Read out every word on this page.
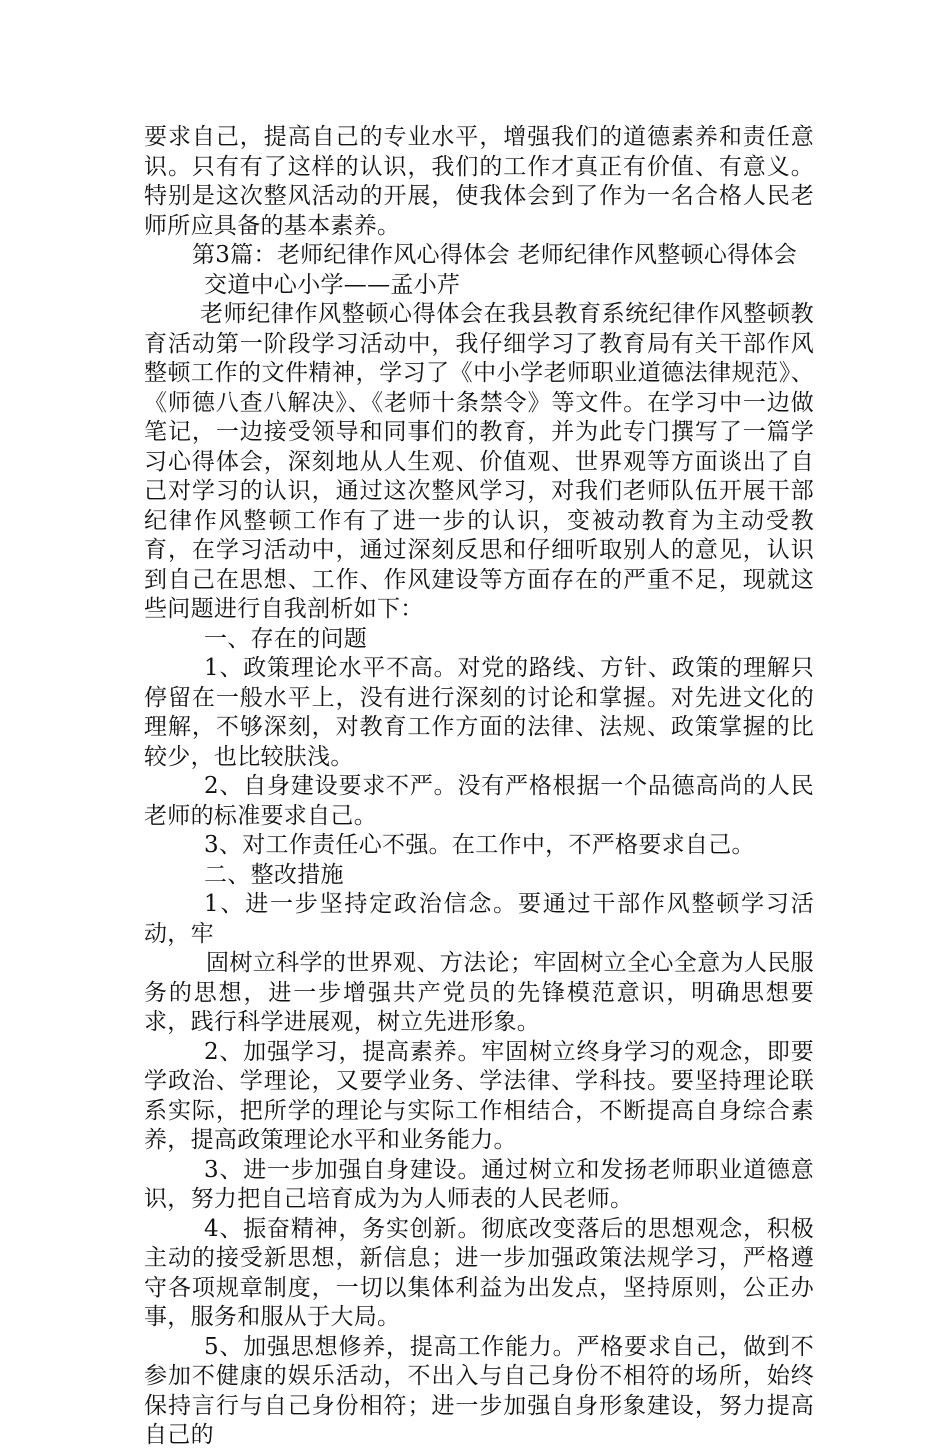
要求自己，提高自己的专业水平，增强我们的道德素养和责任意识。只有有了这样的认识，我们的工作才真正有价值、有意义。特别是这次整风活动的开展，使我体会到了作为一名合格人民老师所应具备的基本素养。

第3篇：老师纪律作风心得体会 老师纪律作风整顿心得体会

交道中心小学——孟小芹

老师纪律作风整顿心得体会在我县教育系统纪律作风整顿教育活动第一阶段学习活动中，我仔细学习了教育局有关干部作风整顿工作的文件精神，学习了《中小学老师职业道德法律规范》、《师德八查八解决》、《老师十条禁令》等文件。在学习中一边做笔记，一边接受领导和同事们的教育，并为此专门撰写了一篇学习心得体会，深刻地从人生观、价值观、世界观等方面谈出了自己对学习的认识，通过这次整风学习，对我们老师队伍开展干部纪律作风整顿工作有了进一步的认识，变被动教育为主动受教育，在学习活动中，通过深刻反思和仔细听取别人的意见，认识到自己在思想、工作、作风建设等方面存在的严重不足，现就这些问题进行自我剖析如下：

一、存在的问题

1、政策理论水平不高。对党的路线、方针、政策的理解只停留在一般水平上，没有进行深刻的讨论和掌握。对先进文化的理解，不够深刻，对教育工作方面的法律、法规、政策掌握的比较少，也比较肤浅。

2、自身建设要求不严。没有严格根据一个品德高尚的人民老师的标准要求自己。

3、对工作责任心不强。在工作中，不严格要求自己。

二、整改措施

1、进一步坚持定政治信念。要通过干部作风整顿学习活动，牢

固树立科学的世界观、方法论；牢固树立全心全意为人民服务的思想，进一步增强共产党员的先锋模范意识，明确思想要求，践行科学进展观，树立先进形象。

2、加强学习，提高素养。牢固树立终身学习的观念，即要学政治、学理论，又要学业务、学法律、学科技。要坚持理论联系实际，把所学的理论与实际工作相结合，不断提高自身综合素养，提高政策理论水平和业务能力。

3、进一步加强自身建设。通过树立和发扬老师职业道德意识，努力把自己培育成为为人师表的人民老师。

4、振奋精神，务实创新。彻底改变落后的思想观念，积极主动的接受新思想，新信息；进一步加强政策法规学习，严格遵守各项规章制度，一切以集体利益为出发点，坚持原则，公正办事，服务和服从于大局。

5、加强思想修养，提高工作能力。严格要求自己，做到不参加不健康的娱乐活动，不出入与自己身份不相符的场所，始终保持言行与自己身份相符；进一步加强自身形象建设，努力提高自己的
